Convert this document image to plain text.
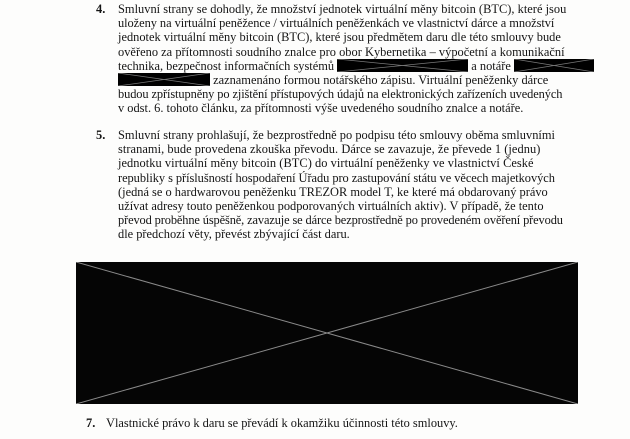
4. Smluvní strany se dohodly, že množství jednotek virtuální měny bitcoin (BTC), které jsou
uloženy na virtuální peněžence / virtuálních peněženkách ve vlastnictví dárce a množství
jednotek virtuální měny bitcoin (BTC), které jsou předmětem daru dle této smlouvy bude
ověřeno za přítomnosti soudního znalce pro obor Kybernetika – výpočetní a komunikační
technika, bezpečnost informačních systémů	a notáře
zaznamenáno formou notářského zápisu. Virtuální peněženky dárce
budou zpřístupněny po zjištění přístupových údajů na elektronických zařízeních uvedených
v odst. 6. tohoto článku, za přítomnosti výše uvedeného soudního znalce a notáře.
5. Smluvní strany prohlašují, že bezprostředně po podpisu této smlouvy oběma smluvními
stranami, bude provedena zkouška převodu. Dárce se zavazuje, že převede 1 (jednu)
jednotku virtuální měny bitcoin (BTC) do virtuální peněženky ve vlastnictví České
republiky s příslušností hospodaření Úřadu pro zastupování státu ve věcech majetkových
(jedná se o hardwarovou peněženku TREZOR model T, ke které má obdarovaný právo
užívat adresy touto peněženkou podporovaných virtuálních aktiv). V případě, že tento
převod proběhne úspěšně, zavazuje se dárce bezprostředně po provedeném ověření převodu
dle předchozí věty, převést zbývající část daru.
7. Vlastnické právo k daru se převádí k okamžiku účinnosti této smlouvy.
